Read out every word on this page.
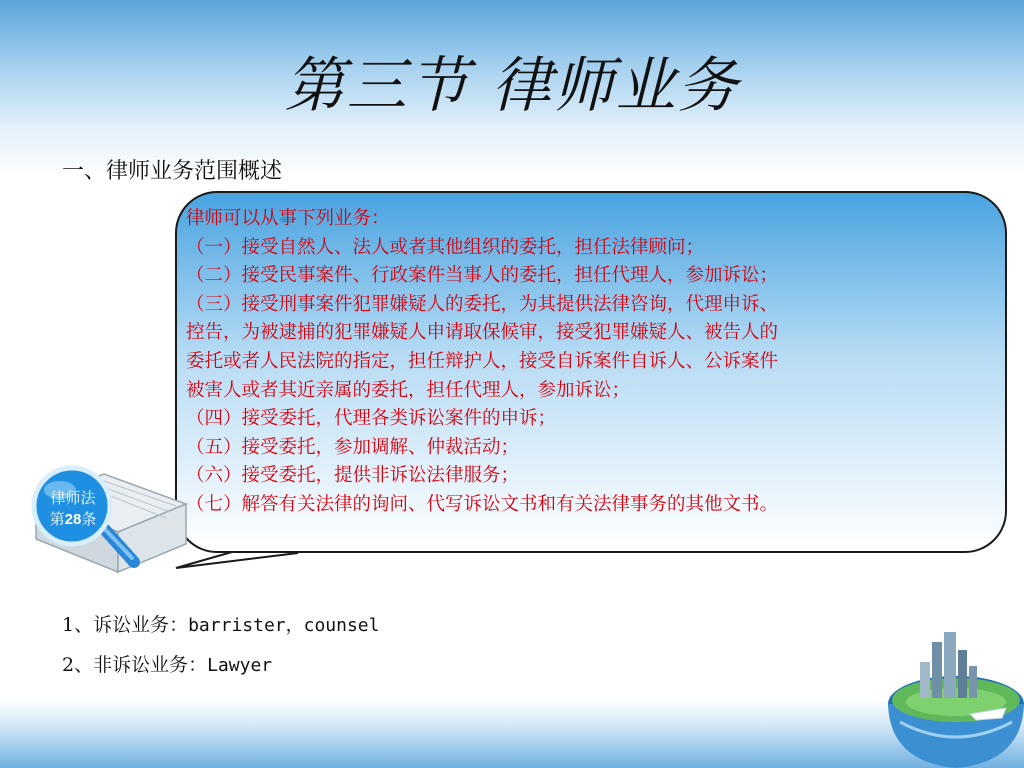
第三节 律师业务
一、律师业务范围概述
律师可以从事下列业务：
（一）接受自然人、法人或者其他组织的委托，担任法律顾问；
（二）接受民事案件、行政案件当事人的委托，担任代理人，参加诉讼；
（三）接受刑事案件犯罪嫌疑人的委托，为其提供法律咨询，代理申诉、
控告，为被逮捕的犯罪嫌疑人申请取保候审，接受犯罪嫌疑人、被告人的
委托或者人民法院的指定，担任辩护人，接受自诉案件自诉人、公诉案件
被害人或者其近亲属的委托，担任代理人，参加诉讼；
（四）接受委托，代理各类诉讼案件的申诉；
（五）接受委托，参加调解、仲裁活动；
（六）接受委托，提供非诉讼法律服务；
（七）解答有关法律的询问、代写诉讼文书和有关法律事务的其他文书。
律师法
第28条
1、诉讼业务：barrister，counsel
2、非诉讼业务：Lawyer
